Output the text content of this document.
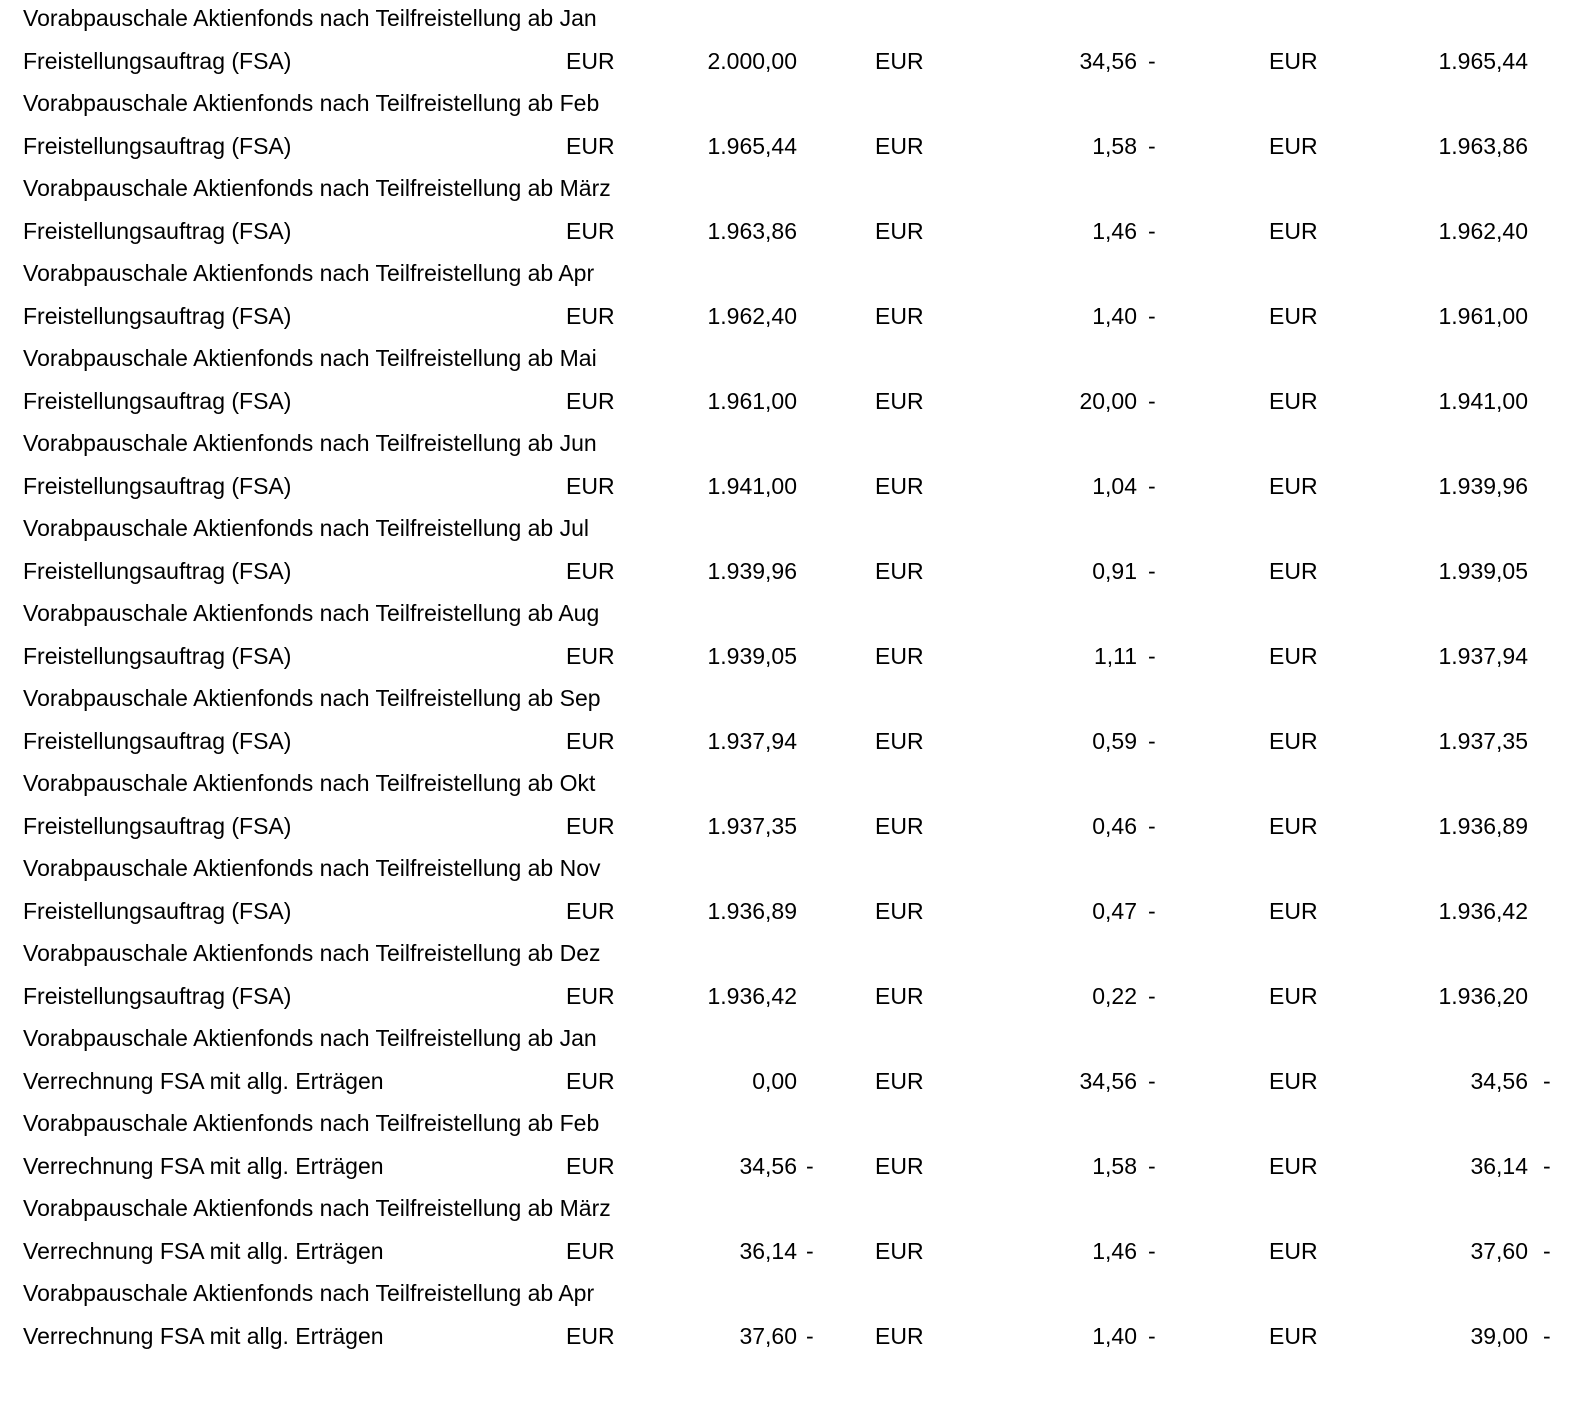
Vorabpauschale Aktienfonds nach Teilfreistellung ab Jan
Freistellungsauftrag (FSA)	EUR	2.000,00	EUR	34,56 -	EUR	1.965,44
Vorabpauschale Aktienfonds nach Teilfreistellung ab Feb
Freistellungsauftrag (FSA)	EUR	1.965,44	EUR	1,58 -	EUR	1.963,86
Vorabpauschale Aktienfonds nach Teilfreistellung ab März
Freistellungsauftrag (FSA)	EUR	1.963,86	EUR	1,46 -	EUR	1.962,40
Vorabpauschale Aktienfonds nach Teilfreistellung ab Apr
Freistellungsauftrag (FSA)	EUR	1.962,40	EUR	1,40 -	EUR	1.961,00
Vorabpauschale Aktienfonds nach Teilfreistellung ab Mai
Freistellungsauftrag (FSA)	EUR	1.961,00	EUR	20,00 -	EUR	1.941,00
Vorabpauschale Aktienfonds nach Teilfreistellung ab Jun
Freistellungsauftrag (FSA)	EUR	1.941,00	EUR	1,04 -	EUR	1.939,96
Vorabpauschale Aktienfonds nach Teilfreistellung ab Jul
Freistellungsauftrag (FSA)	EUR	1.939,96	EUR	0,91 -	EUR	1.939,05
Vorabpauschale Aktienfonds nach Teilfreistellung ab Aug
Freistellungsauftrag (FSA)	EUR	1.939,05	EUR	1,11 -	EUR	1.937,94
Vorabpauschale Aktienfonds nach Teilfreistellung ab Sep
Freistellungsauftrag (FSA)	EUR	1.937,94	EUR	0,59 -	EUR	1.937,35
Vorabpauschale Aktienfonds nach Teilfreistellung ab Okt
Freistellungsauftrag (FSA)	EUR	1.937,35	EUR	0,46 -	EUR	1.936,89
Vorabpauschale Aktienfonds nach Teilfreistellung ab Nov
Freistellungsauftrag (FSA)	EUR	1.936,89	EUR	0,47 -	EUR	1.936,42
Vorabpauschale Aktienfonds nach Teilfreistellung ab Dez
Freistellungsauftrag (FSA)	EUR	1.936,42	EUR	0,22 -	EUR	1.936,20
Vorabpauschale Aktienfonds nach Teilfreistellung ab Jan
Verrechnung FSA mit allg. Erträgen	EUR	0,00	EUR	34,56 -	EUR	34,56 -
Vorabpauschale Aktienfonds nach Teilfreistellung ab Feb
Verrechnung FSA mit allg. Erträgen	EUR	34,56 -	EUR	1,58 -	EUR	36,14 -
Vorabpauschale Aktienfonds nach Teilfreistellung ab März
Verrechnung FSA mit allg. Erträgen	EUR	36,14 -	EUR	1,46 -	EUR	37,60 -
Vorabpauschale Aktienfonds nach Teilfreistellung ab Apr
Verrechnung FSA mit allg. Erträgen	EUR	37,60 -	EUR	1,40 -	EUR	39,00 -
